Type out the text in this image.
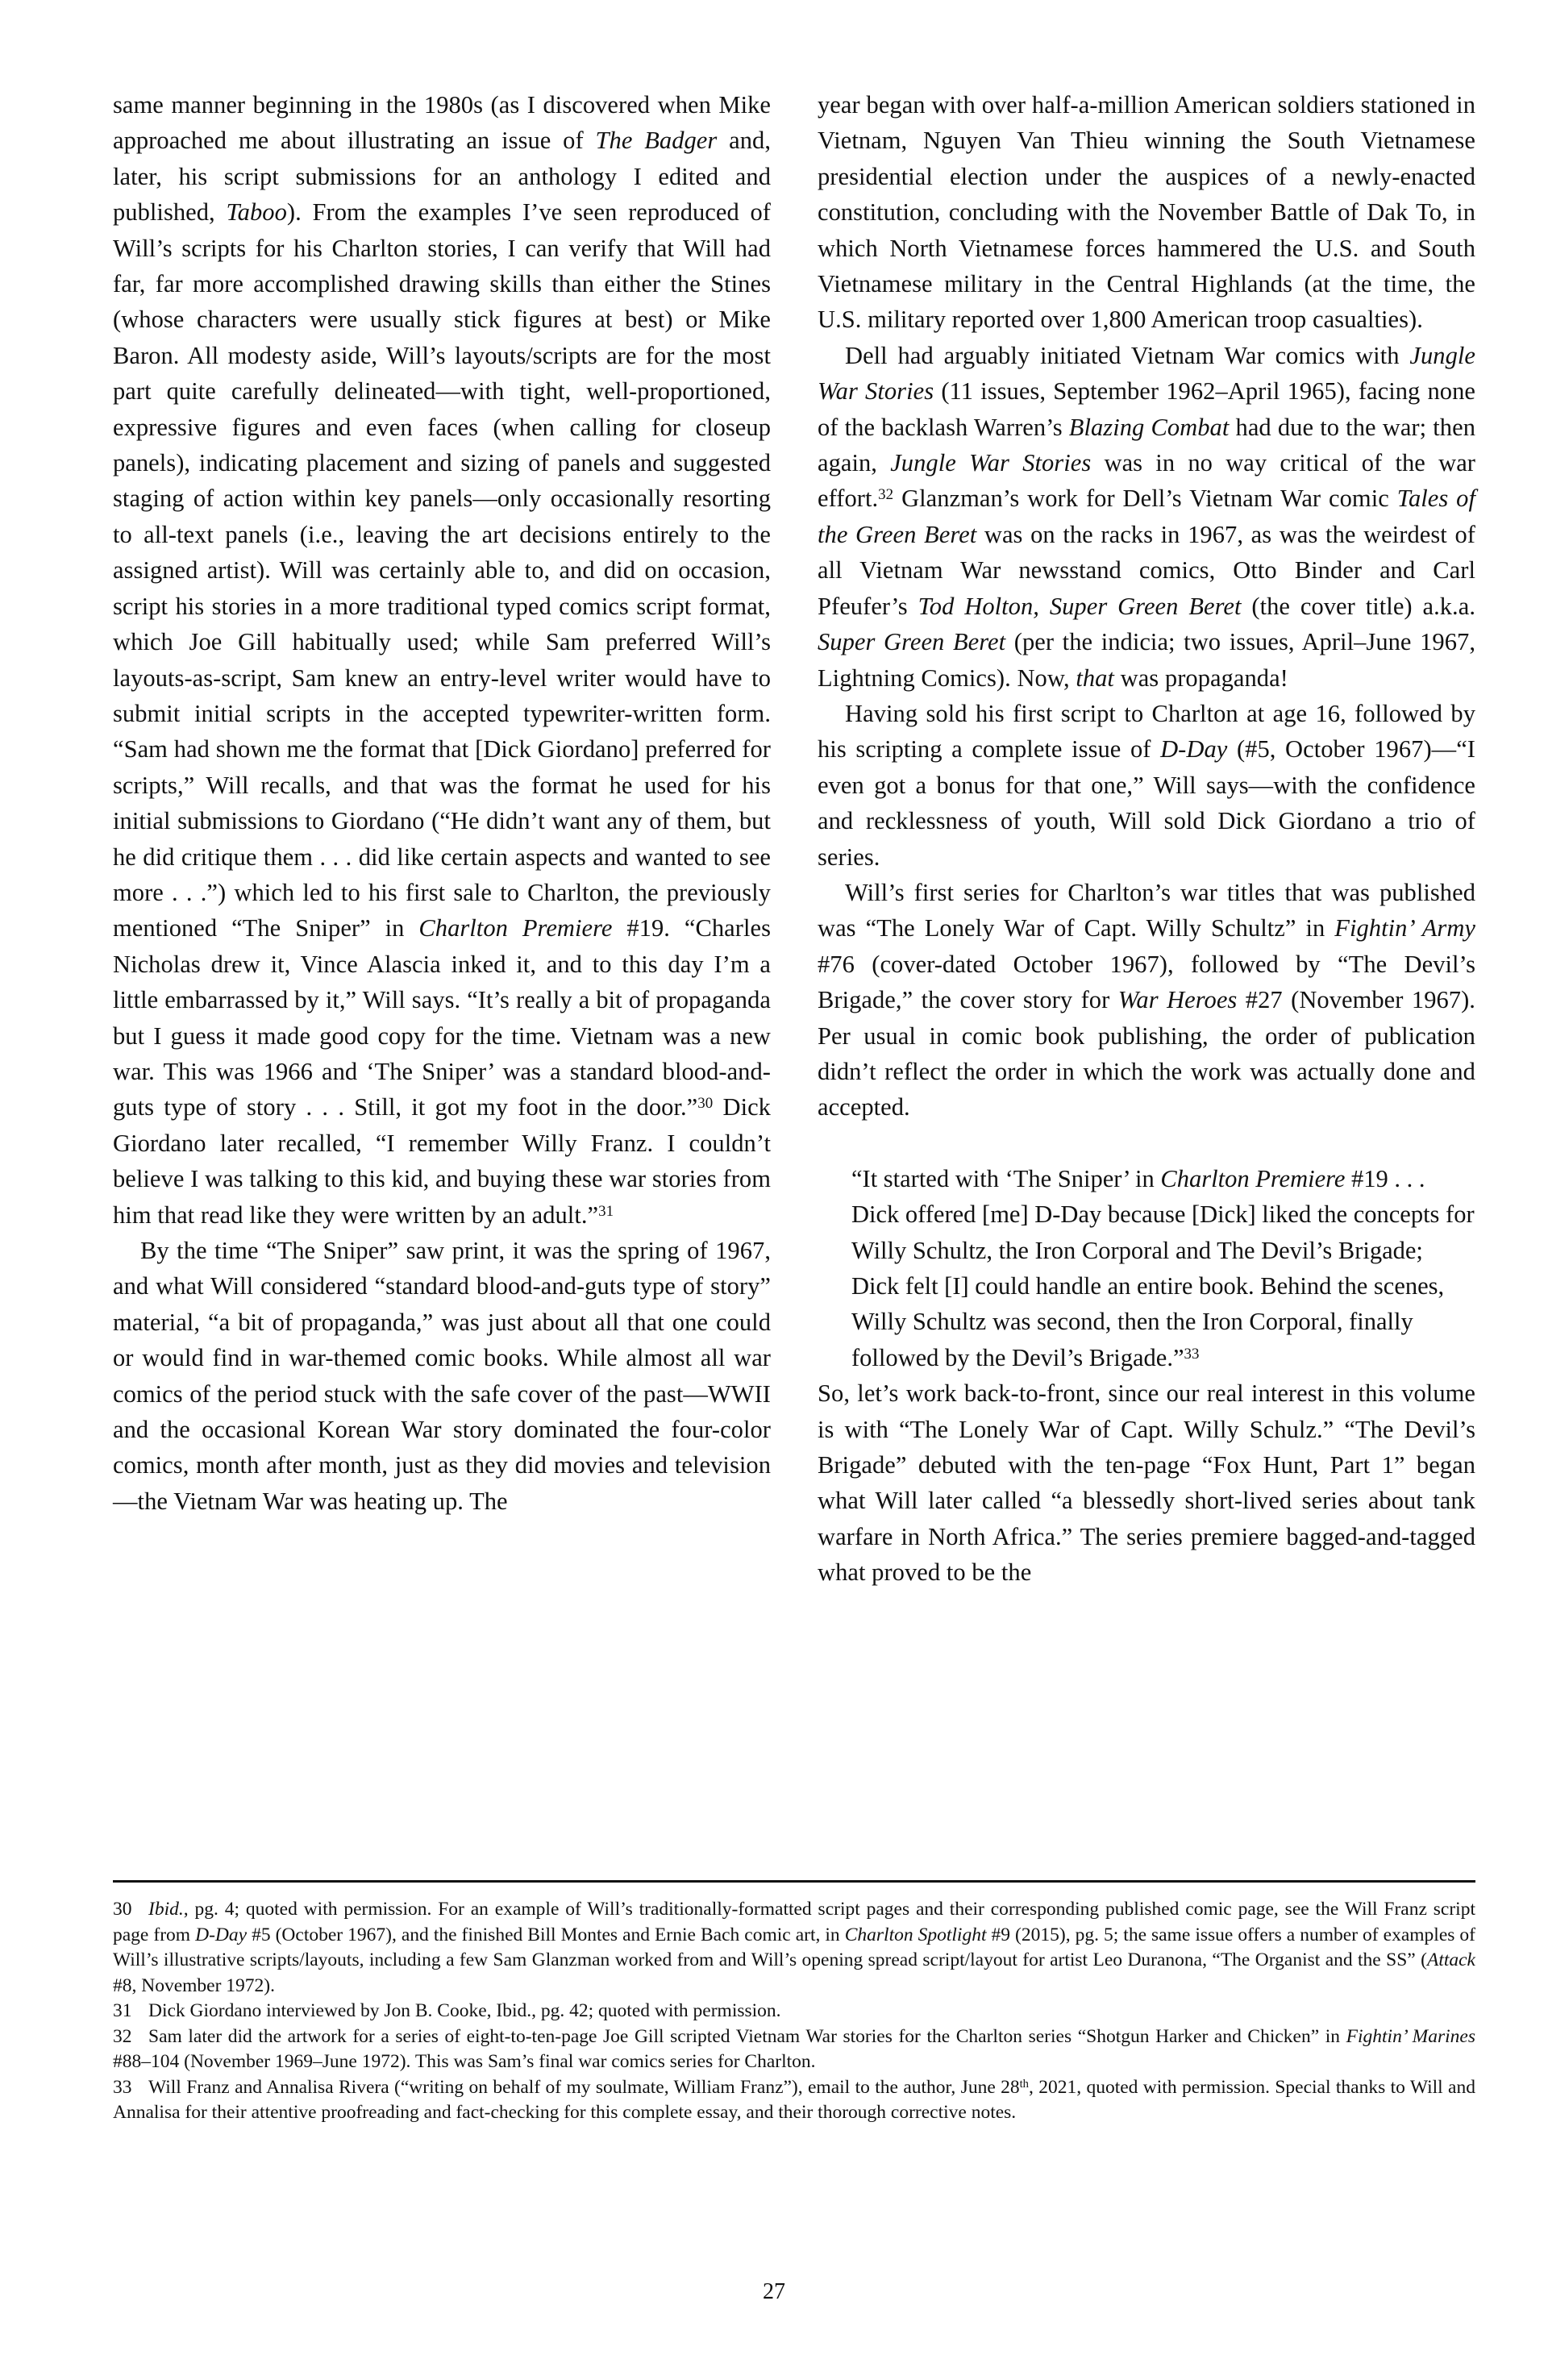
same manner beginning in the 1980s (as I discovered when Mike approached me about illustrating an issue of The Badger and, later, his script submissions for an anthology I edited and published, Taboo). From the examples I’ve seen reproduced of Will’s scripts for his Charlton stories, I can verify that Will had far, far more accomplished drawing skills than either the Stines (whose characters were usually stick figures at best) or Mike Baron. All modesty aside, Will’s layouts/scripts are for the most part quite carefully delineated—with tight, well-proportioned, expressive figures and even faces (when calling for closeup panels), indicating placement and sizing of panels and suggested staging of action within key panels—only occasionally resorting to all-text panels (i.e., leaving the art decisions entirely to the assigned artist). Will was certainly able to, and did on occasion, script his stories in a more traditional typed comics script format, which Joe Gill habitually used; while Sam preferred Will’s layouts-as-script, Sam knew an entry-level writer would have to submit initial scripts in the accepted typewriter-written form. “Sam had shown me the format that [Dick Giordano] preferred for scripts,” Will recalls, and that was the format he used for his initial submissions to Giordano (“He didn’t want any of them, but he did critique them . . . did like certain aspects and wanted to see more . . .”) which led to his first sale to Charlton, the previously mentioned “The Sniper” in Charlton Premiere #19. “Charles Nicholas drew it, Vince Alascia inked it, and to this day I’m a little embarrassed by it,” Will says. “It’s really a bit of propaganda but I guess it made good copy for the time. Vietnam was a new war. This was 1966 and ‘The Sniper’ was a standard blood-and-guts type of story . . . Still, it got my foot in the door.”$^{30}$ Dick Giordano later recalled, “I remember Willy Franz. I couldn’t believe I was talking to this kid, and buying these war stories from him that read like they were written by an adult.”$^{31}$

By the time “The Sniper” saw print, it was the spring of 1967, and what Will considered “standard blood-and-guts type of story” material, “a bit of propaganda,” was just about all that one could or would find in war-themed comic books. While almost all war comics of the period stuck with the safe cover of the past—WWII and the occasional Korean War story dominated the four-color comics, month after month, just as they did movies and television—the Vietnam War was heating up. The

year began with over half-a-million American soldiers stationed in Vietnam, Nguyen Van Thieu winning the South Vietnamese presidential election under the auspices of a newly-enacted constitution, concluding with the November Battle of Dak To, in which North Vietnamese forces hammered the U.S. and South Vietnamese military in the Central Highlands (at the time, the U.S. military reported over 1,800 American troop casualties).

Dell had arguably initiated Vietnam War comics with Jungle War Stories (11 issues, September 1962–April 1965), facing none of the backlash Warren’s Blazing Combat had due to the war; then again, Jungle War Stories was in no way critical of the war effort.$^{32}$ Glanzman’s work for Dell’s Vietnam War comic Tales of the Green Beret was on the racks in 1967, as was the weirdest of all Vietnam War newsstand comics, Otto Binder and Carl Pfeufer’s Tod Holton, Super Green Beret (the cover title) a.k.a. Super Green Beret (per the indicia; two issues, April–June 1967, Lightning Comics). Now, that was propaganda!

Having sold his first script to Charlton at age 16, followed by his scripting a complete issue of D-Day (#5, October 1967)—“I even got a bonus for that one,” Will says—with the confidence and recklessness of youth, Will sold Dick Giordano a trio of series.

Will’s first series for Charlton’s war titles that was published was “The Lonely War of Capt. Willy Schultz” in Fightin’ Army #76 (cover-dated October 1967), followed by “The Devil’s Brigade,” the cover story for War Heroes #27 (November 1967). Per usual in comic book publishing, the order of publication didn’t reflect the order in which the work was actually done and accepted.

“It started with ‘The Sniper’ in Charlton Premiere #19 . . . Dick offered [me] D-Day because [Dick] liked the concepts for Willy Schultz, the Iron Corporal and The Devil’s Brigade; Dick felt [I] could handle an entire book. Behind the scenes, Willy Schultz was second, then the Iron Corporal, finally followed by the Devil’s Brigade.”$^{33}$

So, let’s work back-to-front, since our real interest in this volume is with “The Lonely War of Capt. Willy Schulz.” “The Devil’s Brigade” debuted with the ten-page “Fox Hunt, Part 1” began what Will later called “a blessedly short-lived series about tank warfare in North Africa.” The series premiere bagged-and-tagged what proved to be the

30 Ibid., pg. 4; quoted with permission. For an example of Will’s traditionally-formatted script pages and their corresponding published comic page, see the Will Franz script page from D-Day #5 (October 1967), and the finished Bill Montes and Ernie Bach comic art, in Charlton Spotlight #9 (2015), pg. 5; the same issue offers a number of examples of Will’s illustrative scripts/layouts, including a few Sam Glanzman worked from and Will’s opening spread script/layout for artist Leo Duranona, “The Organist and the SS” (Attack #8, November 1972).

31 Dick Giordano interviewed by Jon B. Cooke, Ibid., pg. 42; quoted with permission.

32 Sam later did the artwork for a series of eight-to-ten-page Joe Gill scripted Vietnam War stories for the Charlton series “Shotgun Harker and Chicken” in Fightin’ Marines #88–104 (November 1969–June 1972). This was Sam’s final war comics series for Charlton.

33 Will Franz and Annalisa Rivera (“writing on behalf of my soulmate, William Franz”), email to the author, June 28th, 2021, quoted with permission. Special thanks to Will and Annalisa for their attentive proofreading and fact-checking for this complete essay, and their thorough corrective notes.

27
